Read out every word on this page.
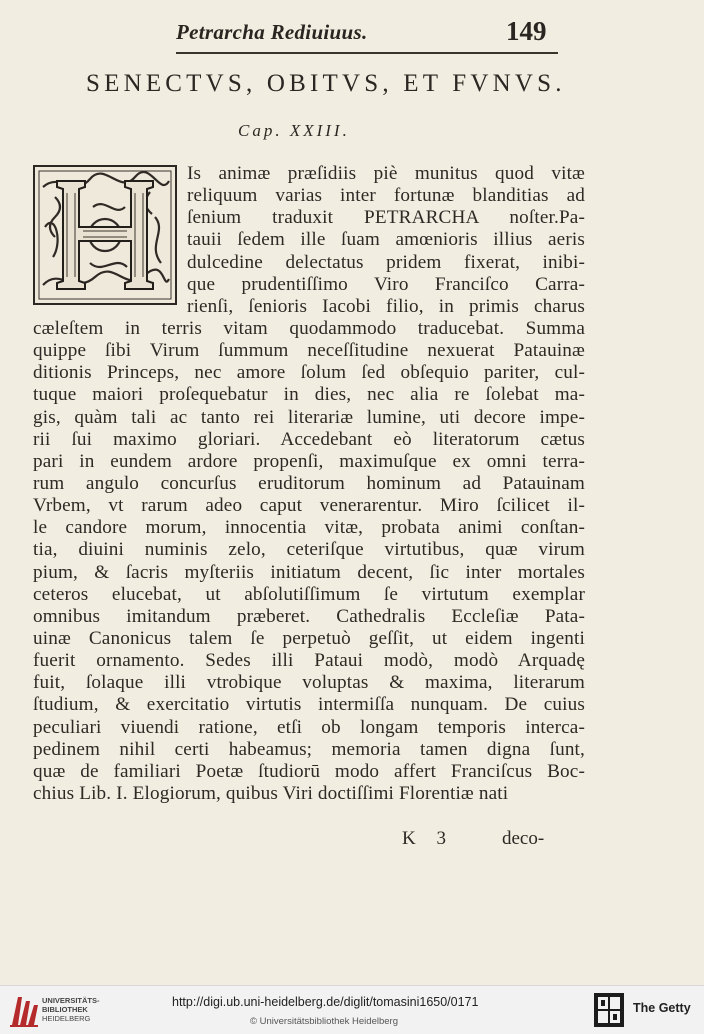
Petrarcha Rediuiuus.	149
SENECTVS, OBITVS, ET FVNVS.
Cap. XXIII.
Is animæ præſidiis piè munitus quod vitæ
reliquum varias inter fortunæ blanditias ad
ſenium traduxit PETRARCHA noſter.Pa-
tauii ſedem ille ſuam amœnioris illius aeris
dulcedine delectatus pridem fixerat, inibi-
que prudentiſſimo Viro Franciſco Carra-
rienſi, ſenioris Iacobi filio, in primis charus
cæleſtem in terris vitam quodammodo traducebat. Summa
quippe ſibi Virum ſummum neceſſitudine nexuerat Patauinæ
ditionis Princeps, nec amore ſolum ſed obſequio pariter, cul-
tuque maiori proſequebatur in dies, nec alia re ſolebat ma-
gis, quàm tali ac tanto rei literariæ lumine, uti decore impe-
rii ſui maximo gloriari. Accedebant eò literatorum cætus
pari in eundem ardore propenſi, maximuſque ex omni terra-
rum angulo concurſus eruditorum hominum ad Patauinam
Vrbem, vt rarum adeo caput venerarentur. Miro ſcilicet il-
le candore morum, innocentia vitæ, probata animi conſtan-
tia, diuini numinis zelo, ceteriſque virtutibus, quæ virum
pium, & ſacris myſteriis initiatum decent, ſic inter mortales
ceteros elucebat, ut abſolutiſſimum ſe virtutum exemplar
omnibus imitandum præberet. Cathedralis Eccleſiæ Pata-
uinæ Canonicus talem ſe perpetuò geſſit, ut eidem ingenti
fuerit ornamento. Sedes illi Pataui modò, modò Arquadę
fuit, ſolaque illi vtrobique voluptas & maxima, literarum
ſtudium, & exercitatio virtutis intermiſſa nunquam. De cuius
peculiari viuendi ratione, etſi ob longam temporis interca-
pedinem nihil certi habeamus; memoria tamen digna ſunt,
quæ de familiari Poetæ ſtudiorū modo affert Franciſcus Boc-
chius Lib. I. Elogiorum, quibus Viri doctiſſimi Florentiæ nati
K 3	deco-
UNIVERSITÄTS-
BIBLIOTHEK
HEIDELBERG
http://digi.ub.uni-heidelberg.de/diglit/tomasini1650/0171
© Universitätsbibliothek Heidelberg
The Getty
